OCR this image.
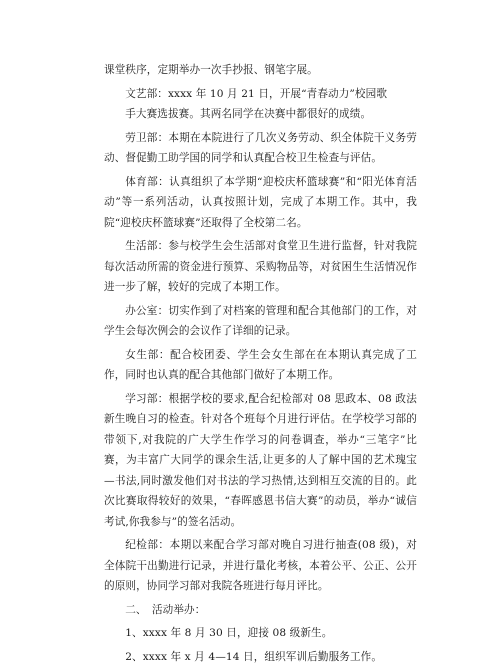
课堂秩序，定期举办一次手抄报、钢笔字展。

文艺部：xxxx 年 10 月 21 日，开展“青春动力”校园歌

手大赛选拔赛。其两名同学在决赛中都很好的成绩。

劳卫部：本期在本院进行了几次义务劳动、织全体院干义务劳动、督促勤工助学国的同学和认真配合校卫生检查与评估。

体育部：认真组织了本学期“迎校庆杯篮球赛”和“阳光体育活动”等一系列活动，认真按照计划，完成了本期工作。其中，我院“迎校庆杯篮球赛”还取得了全校第二名。

生活部：参与校学生会生活部对食堂卫生进行监督，针对我院每次活动所需的资金进行预算、采购物品等，对贫困生生活情况作进一步了解，较好的完成了本期工作。

办公室：切实作到了对档案的管理和配合其他部门的工作，对学生会每次例会的会议作了详细的记录。

女生部：配合校团委、学生会女生部在在本期认真完成了工作，同时也认真的配合其他部门做好了本期工作。

学习部：根据学校的要求,配合纪检部对 08 思政本、08 政法新生晚自习的检查。针对各个班每个月进行评估。在学校学习部的带领下,对我院的广大学生作学习的问卷调查，举办“三笔字”比赛，为丰富广大同学的课余生活,让更多的人了解中国的艺术瑰宝—书法,同时激发他们对书法的学习热情,达到相互交流的目的。此次比赛取得较好的效果，“春晖感恩书信大赛”的动员，举办“诚信考试,你我参与”的签名活动。

纪检部：本期以来配合学习部对晚自习进行抽查(08 级)，对全体院干出勤进行记录，并进行量化考核，本着公平、公正、公开的原则，协同学习部对我院各班进行每月评比。

二、　活动举办：

1、xxxx 年 8 月 30 日，迎接 08 级新生。

2、xxxx 年 x 月 4—14 日，组织军训后勤服务工作。
